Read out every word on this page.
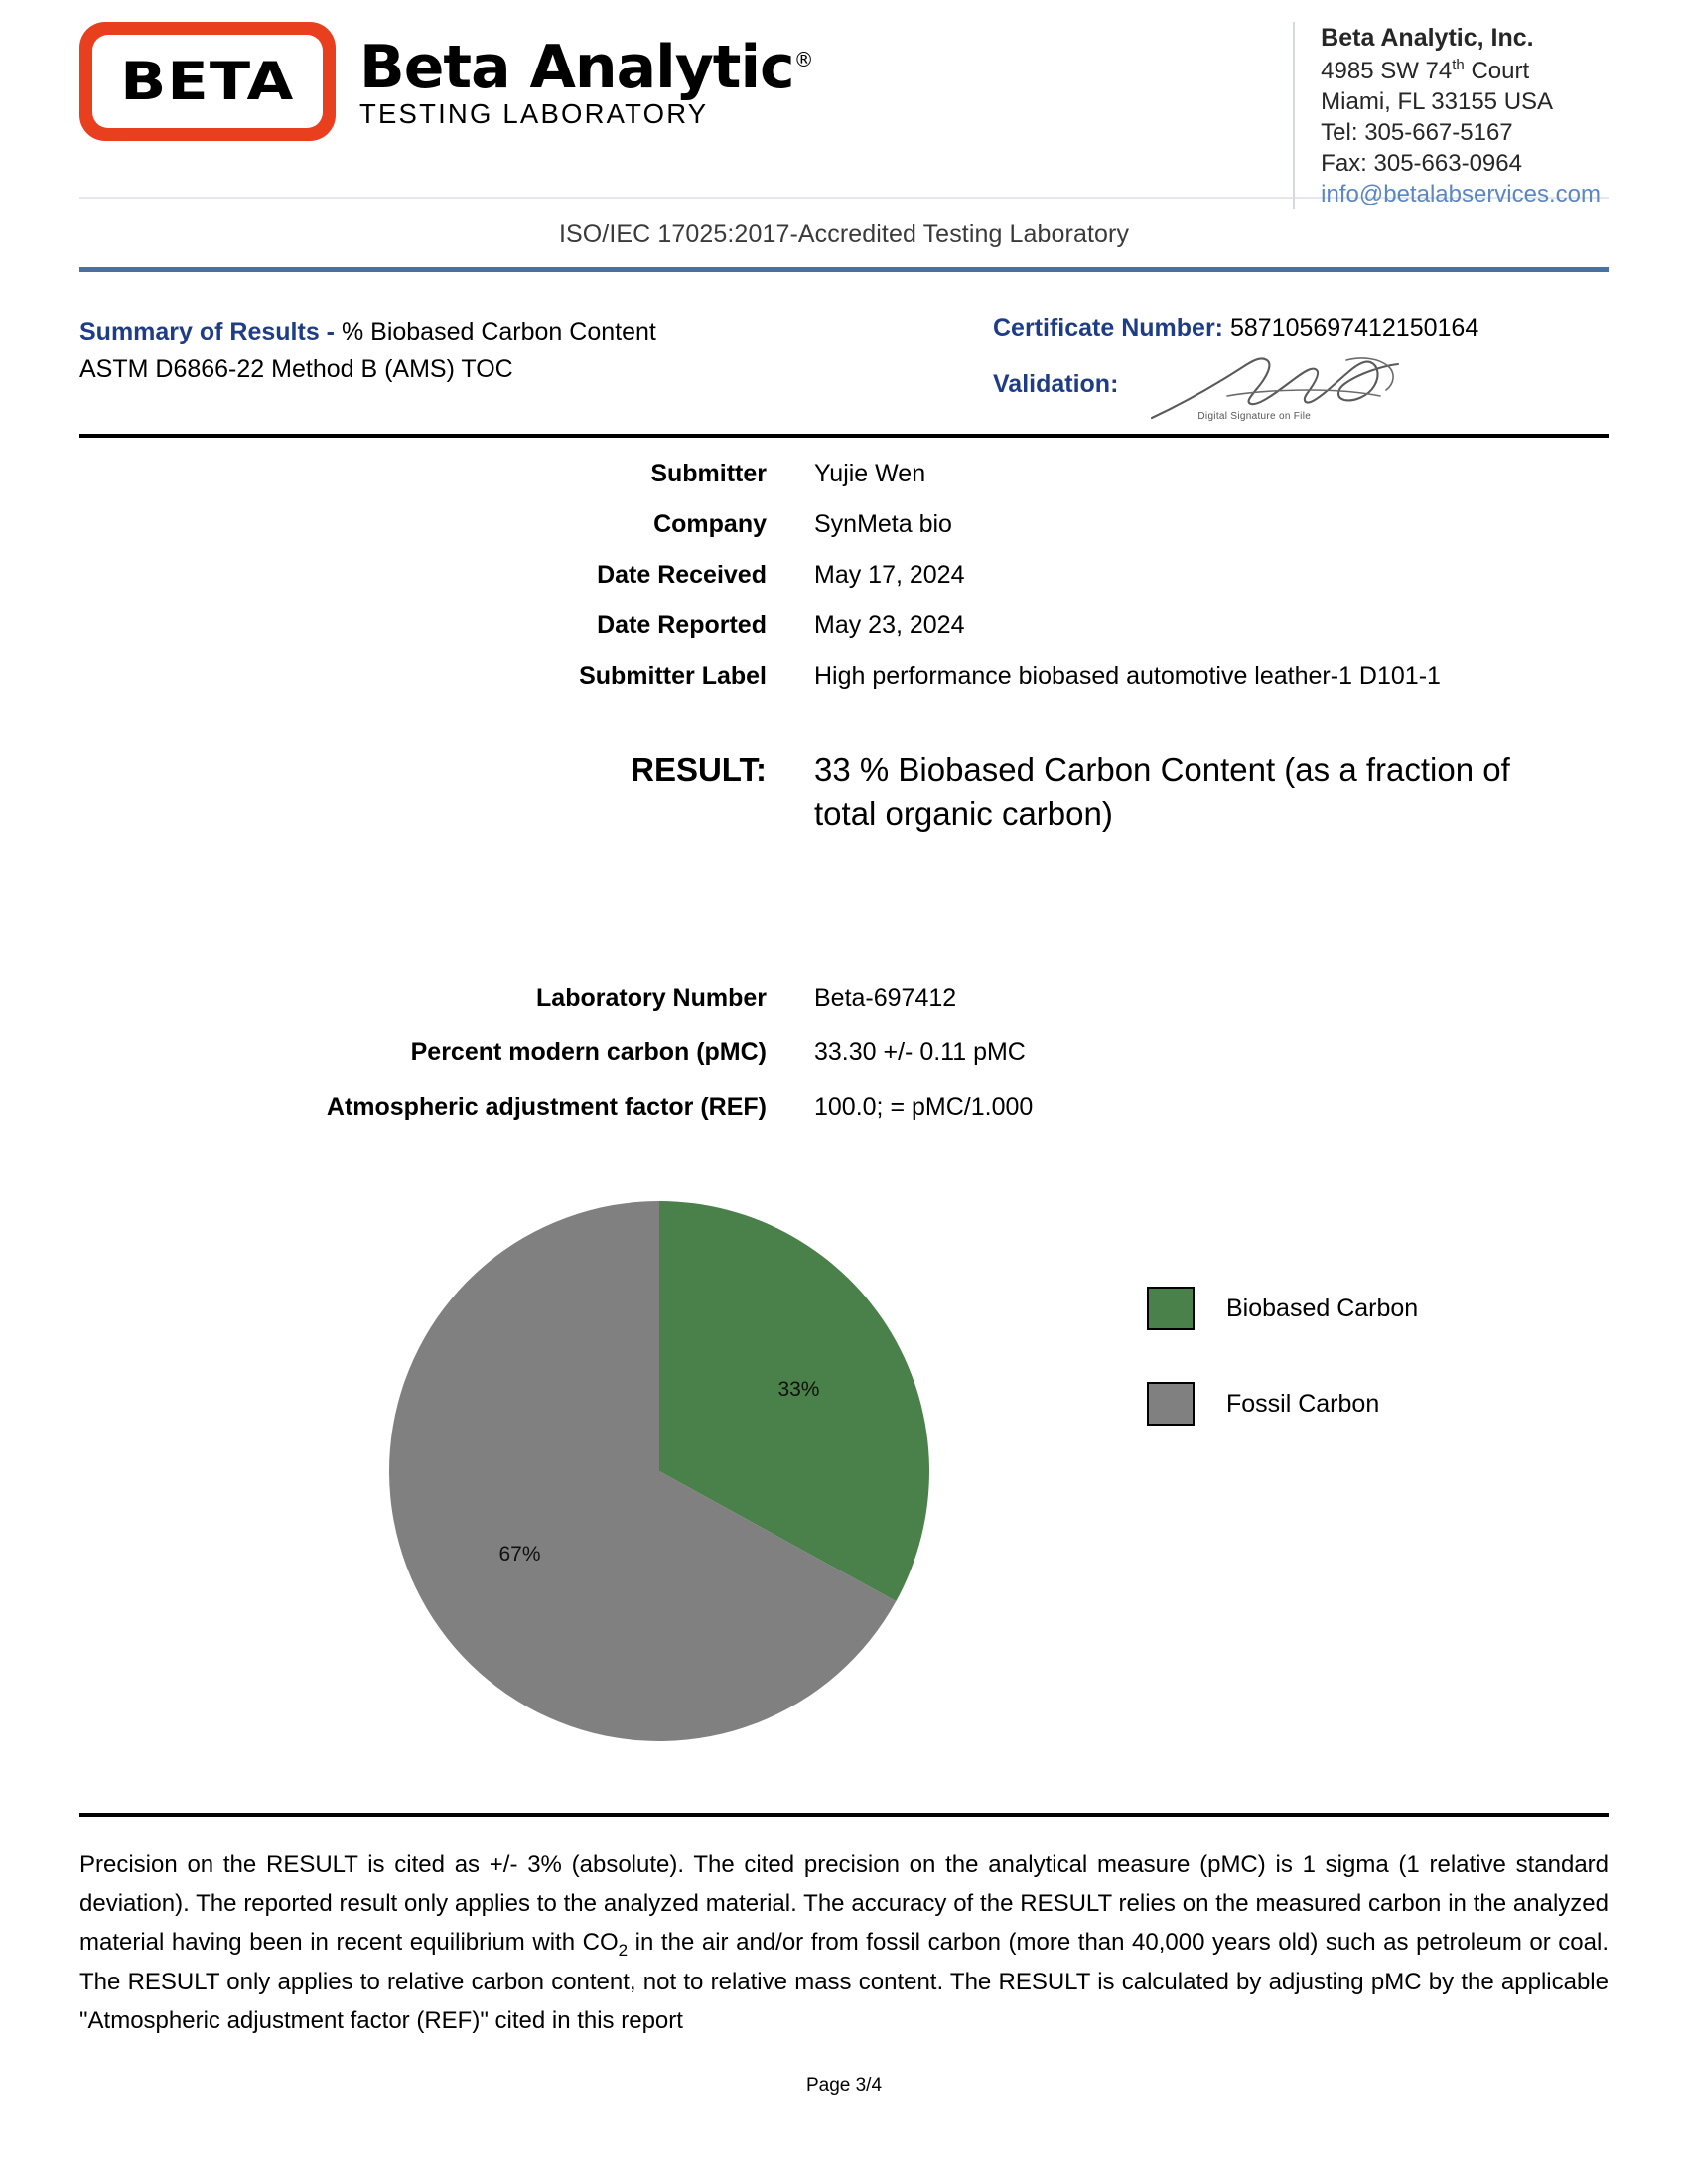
BETA Beta Analytic®
TESTING LABORATORY
Beta Analytic, Inc.
4985 SW 74th Court
Miami, FL 33155 USA
Tel: 305-667-5167
Fax: 305-663-0964
info@betalabservices.com
ISO/IEC 17025:2017-Accredited Testing Laboratory
Summary of Results - % Biobased Carbon Content
ASTM D6866-22 Method B (AMS) TOC
Certificate Number: 587105697412150164
Validation:
Digital Signature on File
Submitter	Yujie Wen
Company	SynMeta bio
Date Received	May 17, 2024
Date Reported	May 23, 2024
Submitter Label	High performance biobased automotive leather-1 D101-1
RESULT:	33 % Biobased Carbon Content (as a fraction of total organic carbon)
Laboratory Number	Beta-697412
Percent modern carbon (pMC)	33.30 +/- 0.11 pMC
Atmospheric adjustment factor (REF)	100.0; = pMC/1.000
33%
67%
Biobased Carbon
Fossil Carbon
Precision on the RESULT is cited as +/- 3% (absolute). The cited precision on the analytical measure (pMC) is 1 sigma (1 relative standard deviation). The reported result only applies to the analyzed material. The accuracy of the RESULT relies on the measured carbon in the analyzed material having been in recent equilibrium with $CO_2$ in the air and/or from fossil carbon (more than 40,000 years old) such as petroleum or coal. The RESULT only applies to relative carbon content, not to relative mass content. The RESULT is calculated by adjusting pMC by the applicable "Atmospheric adjustment factor (REF)" cited in this report
Page 3/4
